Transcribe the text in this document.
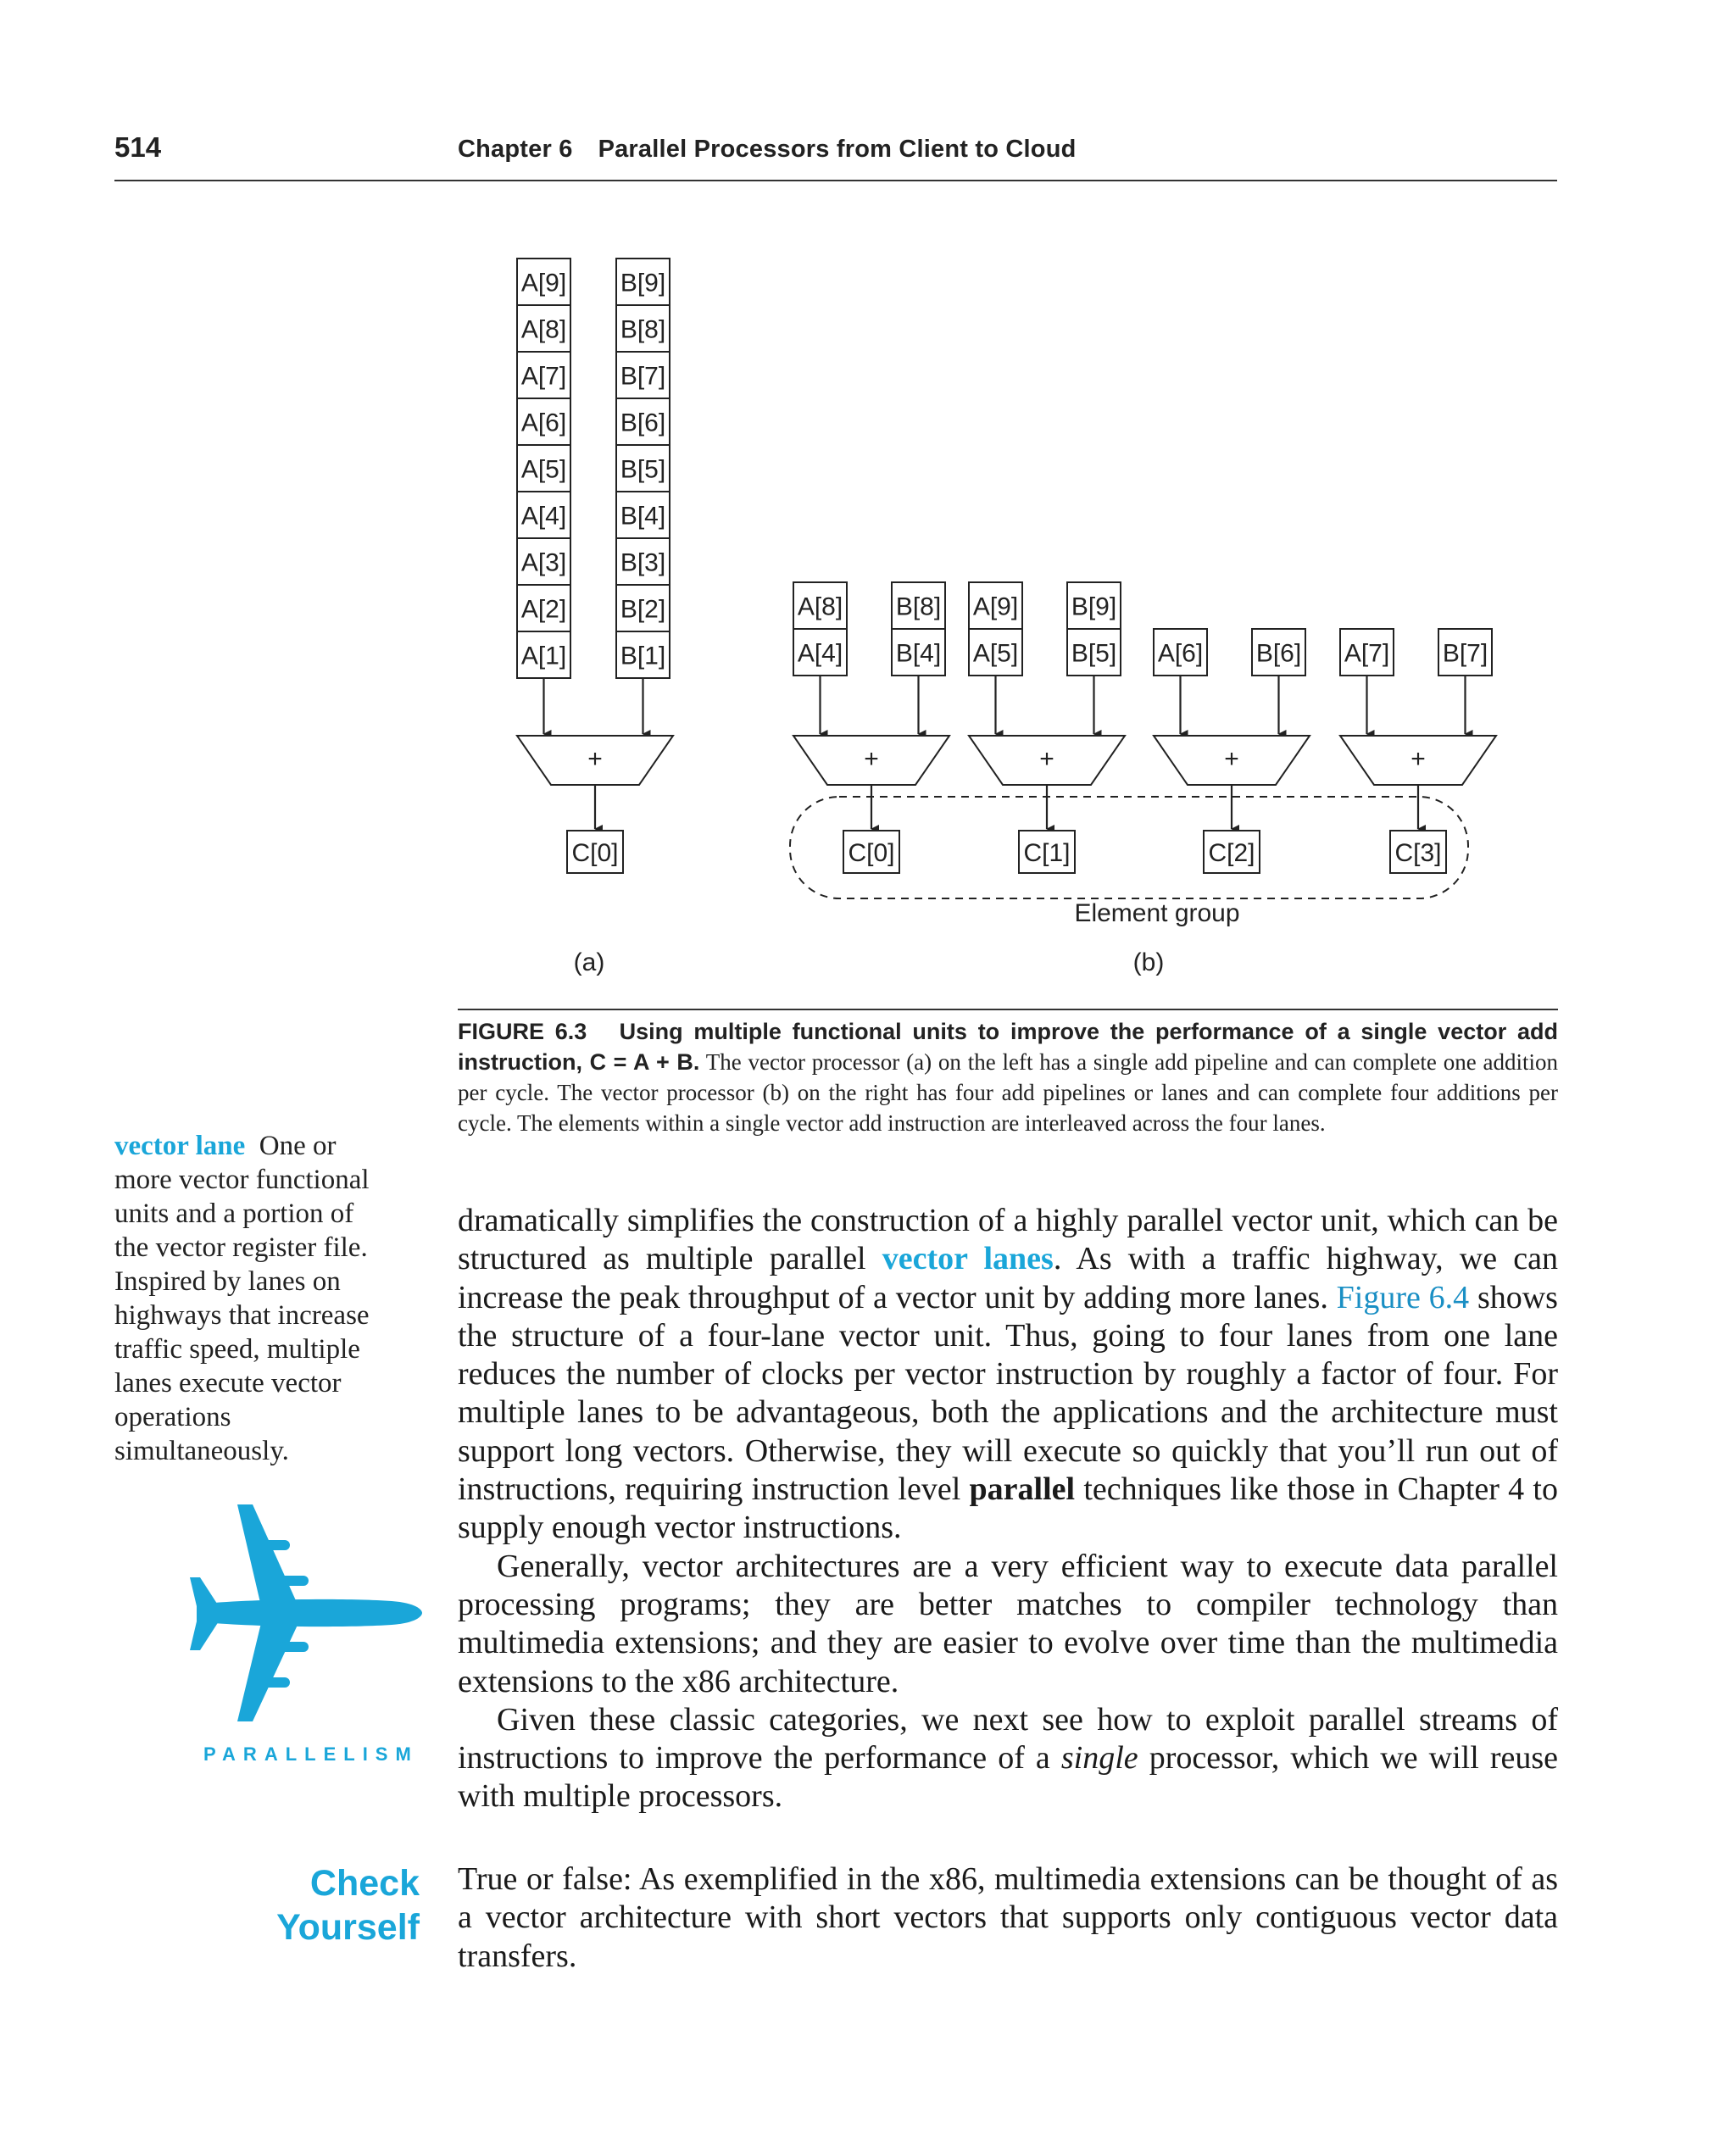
514	Chapter 6 Parallel Processors from Client to Cloud
A[9]
A[8]
A[7]
A[6]
A[5]
A[4]
A[3]
A[2]
A[1]
B[9]
B[8]
B[7]
B[6]
B[5]
B[4]
B[3]
B[2]
B[1]
+
C[0]
(a)
A[8]
A[4]
B[8]
B[4]
+
C[0]
A[9]
A[5]
B[9]
B[5]
+
C[1]
A[6] B[6]
+
C[2]
A[7] B[7]
+
C[3]
Element group
(b)
FIGURE 6.3 Using multiple functional units to improve the performance of a single vector add instruction, C = A + B. The vector processor (a) on the left has a single add pipeline and can complete one addition per cycle. The vector processor (b) on the right has four add pipelines or lanes and can complete four additions per cycle. The elements within a single vector add instruction are interleaved across the four lanes.
vector lane One or more vector functional units and a portion of the vector register file. Inspired by lanes on highways that increase traffic speed, multiple lanes execute vector operations simultaneously.

dramatically simplifies the construction of a highly parallel vector unit, which can be structured as multiple parallel vector lanes. As with a traffic highway, we can increase the peak throughput of a vector unit by adding more lanes. Figure 6.4 shows the structure of a four-lane vector unit. Thus, going to four lanes from one lane reduces the number of clocks per vector instruction by roughly a factor of four. For multiple lanes to be advantageous, both the applications and the architecture must support long vectors. Otherwise, they will execute so quickly that you’ll run out of instructions, requiring instruction level parallel techniques like those in Chapter 4 to supply enough vector instructions.

Generally, vector architectures are a very efficient way to execute data parallel processing programs; they are better matches to compiler technology than multimedia extensions; and they are easier to evolve over time than the multimedia extensions to the x86 architecture.

Given these classic categories, we next see how to exploit parallel streams of instructions to improve the performance of a single processor, which we will reuse with multiple processors.

PARALLELISM
Check
Yourself
True or false: As exemplified in the x86, multimedia extensions can be thought of as a vector architecture with short vectors that supports only contiguous vector data transfers.
